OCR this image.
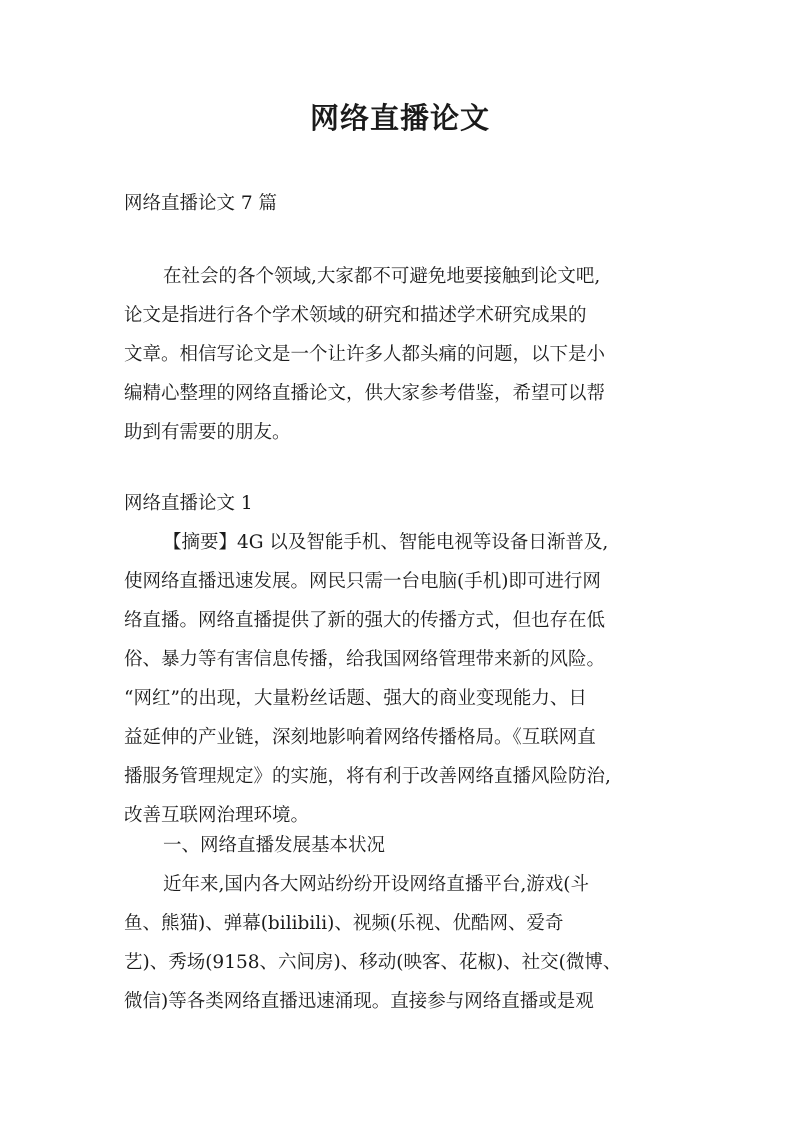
网络直播论文

网络直播论文 7 篇

在社会的各个领域,大家都不可避免地要接触到论文吧,

论文是指进行各个学术领域的研究和描述学术研究成果的

文章。相信写论文是一个让许多人都头痛的问题，以下是小

编精心整理的网络直播论文，供大家参考借鉴，希望可以帮

助到有需要的朋友。

网络直播论文 1

【摘要】4G 以及智能手机、智能电视等设备日渐普及,

使网络直播迅速发展。网民只需一台电脑(手机)即可进行网

络直播。网络直播提供了新的强大的传播方式，但也存在低

俗、暴力等有害信息传播，给我国网络管理带来新的风险。

“网红”的出现，大量粉丝话题、强大的商业变现能力、日

益延伸的产业链，深刻地影响着网络传播格局。《互联网直

播服务管理规定》的实施，将有利于改善网络直播风险防治,

改善互联网治理环境。

一、网络直播发展基本状况

近年来,国内各大网站纷纷开设网络直播平台,游戏(斗

鱼、熊猫)、弹幕(bilibili)、视频(乐视、优酷网、爱奇

艺)、秀场(9158、六间房)、移动(映客、花椒)、社交(微博、

微信)等各类网络直播迅速涌现。直接参与网络直播或是观
